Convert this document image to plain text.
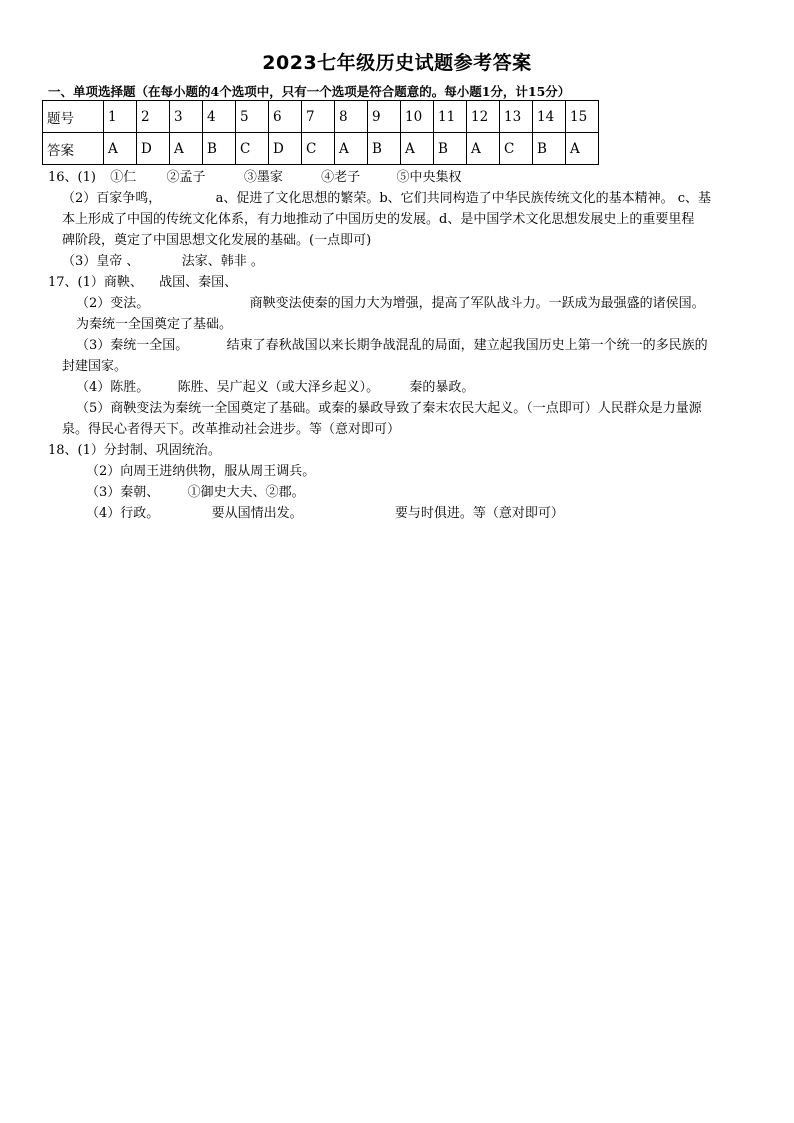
2023七年级历史试题参考答案
一、单项选择题（在每小题的4个选项中，只有一个选项是符合题意的。每小题1分，计15分）
题号	1	2	3	4	5	6	7	8	9	10	11	12	13	14	15
答案	A	D	A	B	C	D	C	A	B	A	B	A	C	B	A
16、(1) ①仁 ②孟子	③墨家	④老子	⑤中央集权
（2）百家争鸣，	a、促进了文化思想的繁荣。b、它们共同构造了中华民族传统文化的基本精神。 c、基
本上形成了中国的传统文化体系，有力地推动了中国历史的发展。d、是中国学术文化思想发展史上的重要里程
碑阶段，奠定了中国思想文化发展的基础。(一点即可)
（3）皇帝 、	法家、韩非 。
17、(1）商鞅、 战国、秦国、
（2）变法。	商鞅变法使秦的国力大为增强，提高了军队战斗力。一跃成为最强盛的诸侯国。
为秦统一全国奠定了基础。
（3）秦统一全国。	结束了春秋战国以来长期争战混乱的局面，建立起我国历史上第一个统一的多民族的
封建国家。
（4）陈胜。 陈胜、吴广起义（或大泽乡起义）。 秦的暴政。
（5）商鞅变法为秦统一全国奠定了基础。或秦的暴政导致了秦末农民大起义。（一点即可）人民群众是力量源
泉。得民心者得天下。改革推动社会进步。等（意对即可）
18、(1）分封制、巩固统治。
（2）向周王进纳供物，服从周王调兵。
（3）秦朝、 ①御史大夫、②郡。
（4）行政。	要从国情出发。	要与时俱进。等（意对即可）
